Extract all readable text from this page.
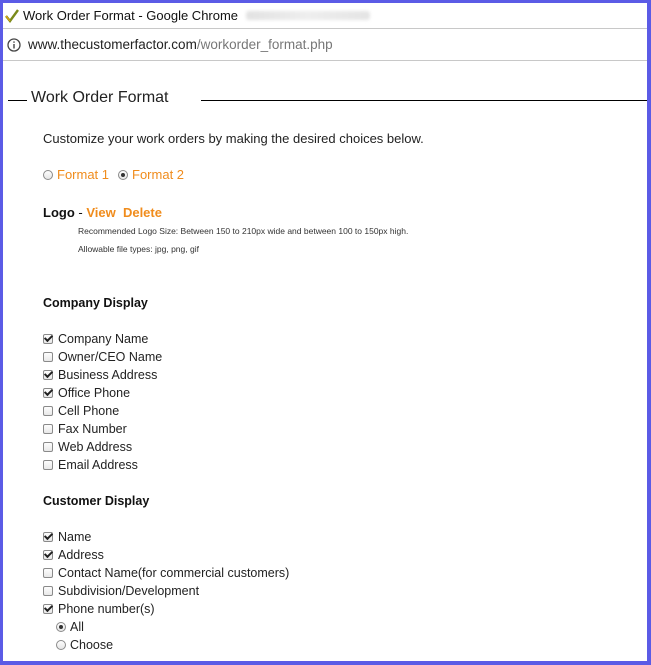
Work Order Format - Google Chrome
www.thecustomerfactor.com/workorder_format.php
Work Order Format
Customize your work orders by making the desired choices below.
Format 1 Format 2
Logo - View Delete
Recommended Logo Size: Between 150 to 210px wide and between 100 to 150px high.
Allowable file types: jpg, png, gif
Company Display
Company Name
Owner/CEO Name
Business Address
Office Phone
Cell Phone
Fax Number
Web Address
Email Address
Customer Display
Name
Address
Contact Name(for commercial customers)
Subdivision/Development
Phone number(s)
All
Choose
